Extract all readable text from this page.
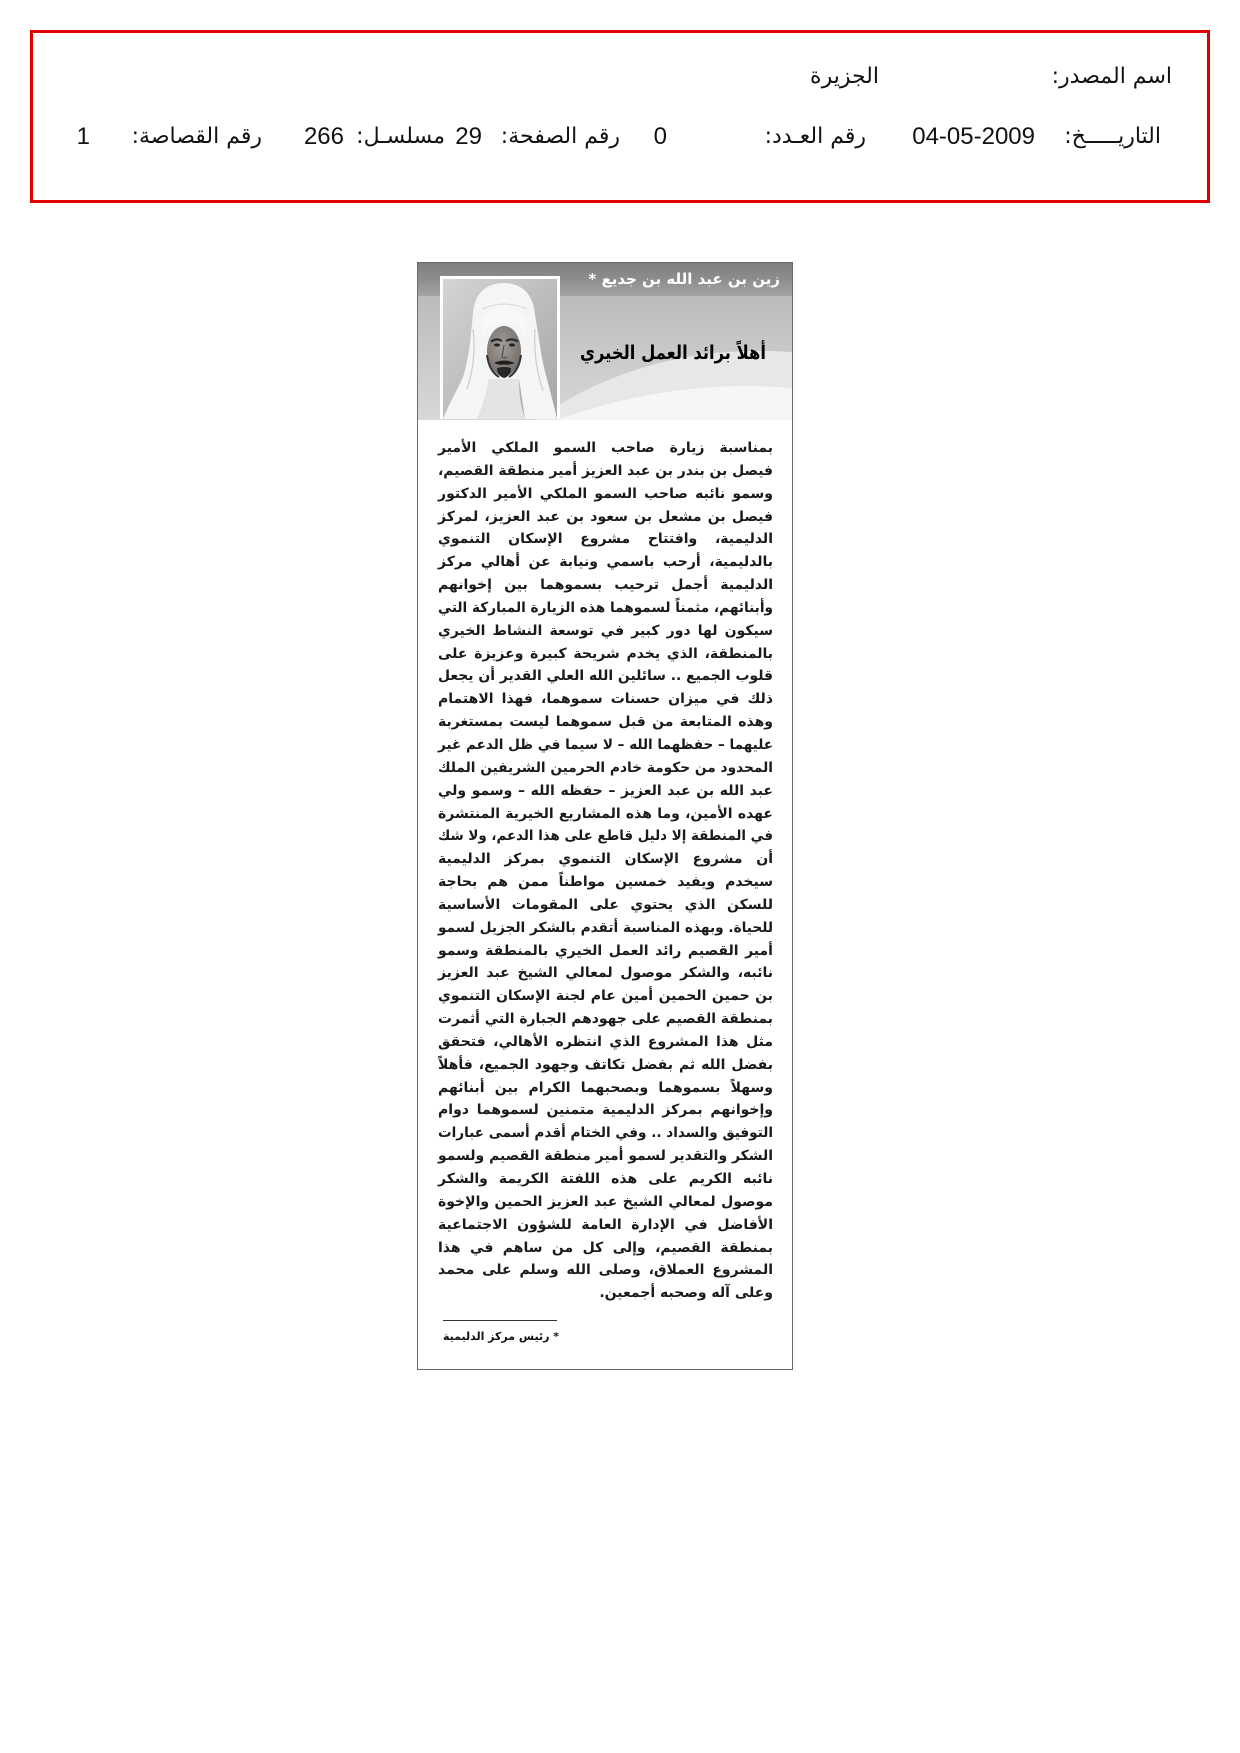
اسم المصدر:
الجزيرة
التاريـــــخ:
04-05-2009
رقم العـدد:
0
رقم الصفحة:
29
مسلسـل:
266
رقم القصاصة:
1
زين بن عبد الله بن جديع *
أهلاً برائد العمل الخيري
بمناسبة زيارة صاحب السمو الملكي الأمير
فيصل بن بندر بن عبد العزيز أمير منطقة القصيم،
وسمو نائبه صاحب السمو الملكي الأمير الدكتور
فيصل بن مشعل بن سعود بن عبد العزيز، لمركز
الدليمية، وافتتاح مشروع الإسكان التنموي
بالدليمية، أرحب باسمي ونيابة عن أهالي مركز
الدليمية أجمل ترحيب بسموهما بين إخوانهم
وأبنائهم، مثمناً لسموهما هذه الزيارة المباركة التي
سيكون لها دور كبير في توسعة النشاط الخيري
بالمنطقة، الذي يخدم شريحة كبيرة وعزيزة على
قلوب الجميع .. سائلين الله العلي القدير أن يجعل
ذلك في ميزان حسنات سموهما، فهذا الاهتمام
وهذه المتابعة من قبل سموهما ليست بمستغربة
عليهما – حفظهما الله – لا سيما في ظل الدعم غير
المحدود من حكومة خادم الحرمين الشريفين الملك
عبد الله بن عبد العزيز – حفظه الله – وسمو ولي
عهده الأمين، وما هذه المشاريع الخيرية المنتشرة
في المنطقة إلا دليل قاطع على هذا الدعم، ولا شك
أن مشروع الإسكان التنموي بمركز الدليمية
سيخدم ويفيد خمسين مواطناً ممن هم بحاجة
للسكن الذي يحتوي على المقومات الأساسية
للحياة. وبهذه المناسبة أتقدم بالشكر الجزيل لسمو
أمير القصيم رائد العمل الخيري بالمنطقة وسمو
نائبه، والشكر موصول لمعالي الشيخ عبد العزيز
بن حمين الحمين أمين عام لجنة الإسكان التنموي
بمنطقة القصيم على جهودهم الجبارة التي أثمرت
مثل هذا المشروع الذي انتظره الأهالي، فتحقق
بفضل الله ثم بفضل تكاتف وجهود الجميع، فأهلاً
وسهلاً بسموهما وبصحبهما الكرام بين أبنائهم
وإخوانهم بمركز الدليمية متمنين لسموهما دوام
التوفيق والسداد .. وفي الختام أقدم أسمى عبارات
الشكر والتقدير لسمو أمير منطقة القصيم ولسمو
نائبه الكريم على هذه اللفتة الكريمة والشكر
موصول لمعالي الشيخ عبد العزيز الحمين والإخوة
الأفاضل في الإدارة العامة للشؤون الاجتماعية
بمنطقة القصيم، وإلى كل من ساهم في هذا
المشروع العملاق، وصلى الله وسلم على محمد
وعلى آله وصحبه أجمعين.
* رئيس مركز الدليمية
